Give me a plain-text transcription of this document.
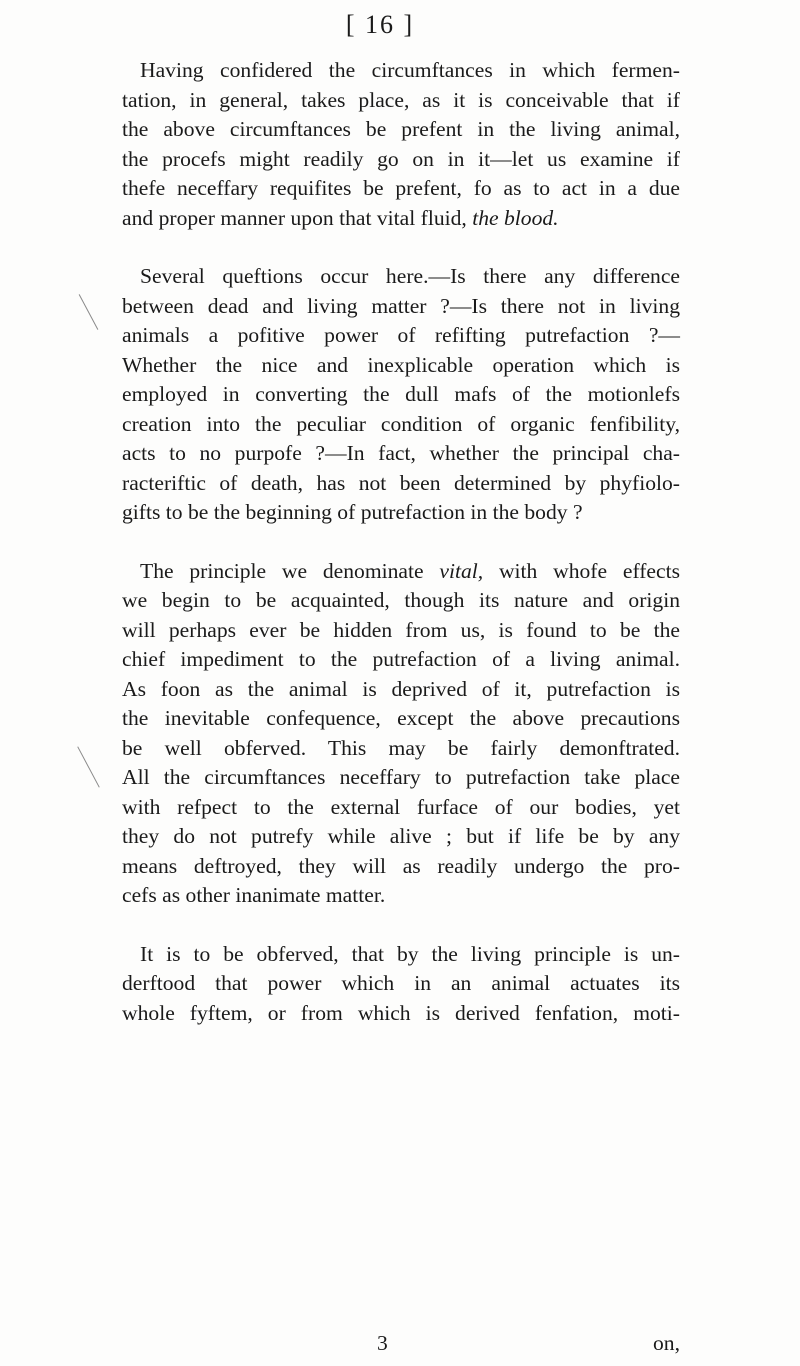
[ 16 ]
Having confidered the circumftances in which fermen-
tation, in general, takes place, as it is conceivable that if
the above circumftances be prefent in the living animal,
the procefs might readily go on in it—let us examine if
thefe neceffary requifites be prefent, fo as to act in a due
and proper manner upon that vital fluid, the blood.
Several queftions occur here.—Is there any difference
between dead and living matter ?—Is there not in living
animals a pofitive power of refifting putrefaction ?—
Whether the nice and inexplicable operation which is
employed in converting the dull mafs of the motionlefs
creation into the peculiar condition of organic fenfibility,
acts to no purpofe ?—In fact, whether the principal cha-
racteriftic of death, has not been determined by phyfiolo-
gifts to be the beginning of putrefaction in the body ?
The principle we denominate vital, with whofe effects
we begin to be acquainted, though its nature and origin
will perhaps ever be hidden from us, is found to be the
chief impediment to the putrefaction of a living animal.
As foon as the animal is deprived of it, putrefaction is
the inevitable confequence, except the above precautions
be well obferved. This may be fairly demonftrated.
All the circumftances neceffary to putrefaction take place
with refpect to the external furface of our bodies, yet
they do not putrefy while alive ; but if life be by any
means deftroyed, they will as readily undergo the pro-
cefs as other inanimate matter.
It is to be obferved, that by the living principle is un-
derftood that power which in an animal actuates its
whole fyftem, or from which is derived fenfation, moti-
3	on,
